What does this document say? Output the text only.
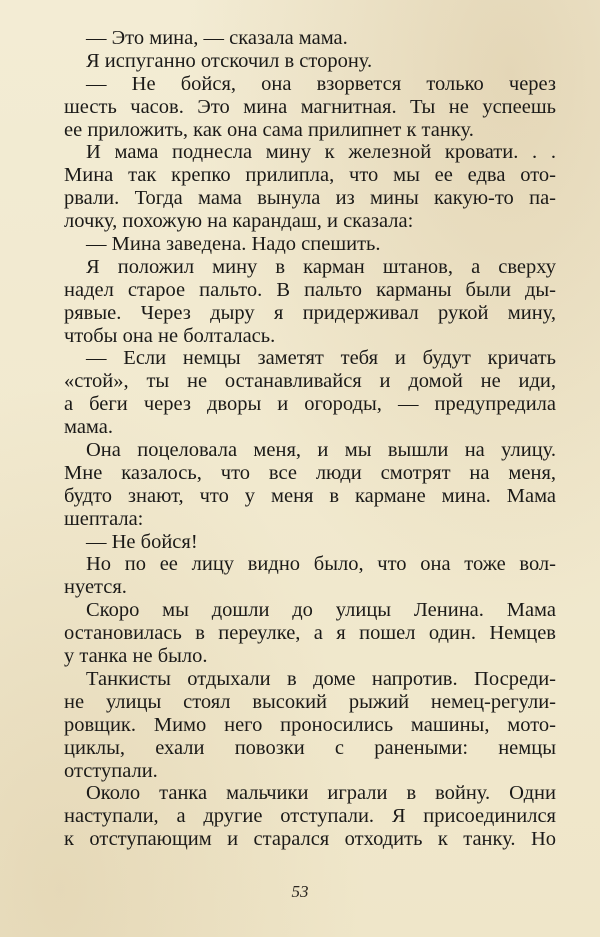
— Это мина, — сказала мама.
Я испуганно отскочил в сторону.
— Не бойся, она взорвется только через
шесть часов. Это мина магнитная. Ты не успеешь
ее приложить, как она сама прилипнет к танку.
И мама поднесла мину к железной кровати. . .
Мина так крепко прилипла, что мы ее едва ото-
рвали. Тогда мама вынула из мины какую-то па-
лочку, похожую на карандаш, и сказала:
— Мина заведена. Надо спешить.
Я положил мину в карман штанов, а сверху
надел старое пальто. В пальто карманы были ды-
рявые. Через дыру я придерживал рукой мину,
чтобы она не болталась.
— Если немцы заметят тебя и будут кричать
«стой», ты не останавливайся и домой не иди,
а беги через дворы и огороды, — предупредила
мама.
Она поцеловала меня, и мы вышли на улицу.
Мне казалось, что все люди смотрят на меня,
будто знают, что у меня в кармане мина. Мама
шептала:
— Не бойся!
Но по ее лицу видно было, что она тоже вол-
нуется.
Скоро мы дошли до улицы Ленина. Мама
остановилась в переулке, а я пошел один. Немцев
у танка не было.
Танкисты отдыхали в доме напротив. Посреди-
не улицы стоял высокий рыжий немец-регули-
ровщик. Мимо него проносились машины, мото-
циклы, ехали повозки с ранеными: немцы
отступали.
Около танка мальчики играли в войну. Одни
наступали, а другие отступали. Я присоединился
к отступающим и старался отходить к танку. Но
53
